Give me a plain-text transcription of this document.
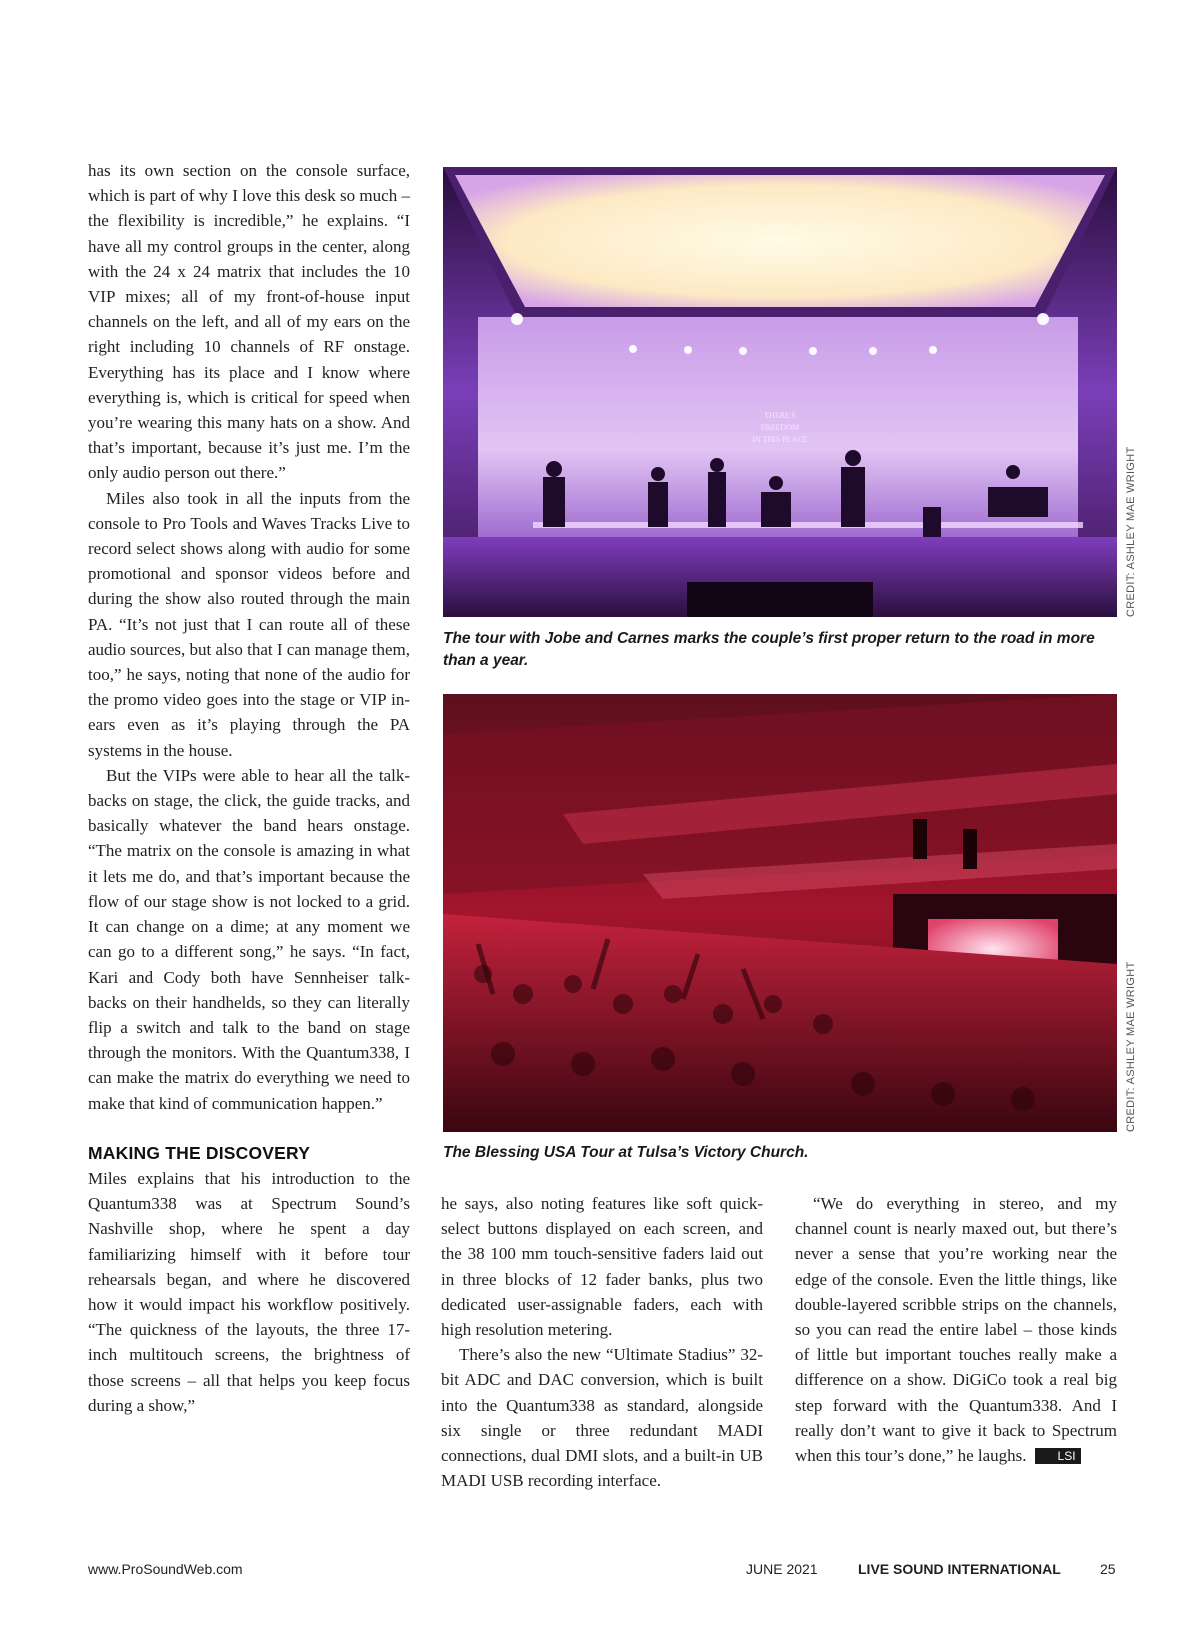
has its own section on the console surface, which is part of why I love this desk so much – the flexibility is incredible,” he explains. “I have all my control groups in the center, along with the 24 x 24 matrix that includes the 10 VIP mixes; all of my front-of-house input channels on the left, and all of my ears on the right including 10 channels of RF onstage. Everything has its place and I know where everything is, which is critical for speed when you’re wearing this many hats on a show. And that’s important, because it’s just me. I’m the only audio person out there.”

Miles also took in all the inputs from the console to Pro Tools and Waves Tracks Live to record select shows along with audio for some promotional and sponsor videos before and during the show also routed through the main PA. “It’s not just that I can route all of these audio sources, but also that I can manage them, too,” he says, noting that none of the audio for the promo video goes into the stage or VIP in-ears even as it’s playing through the PA systems in the house.

But the VIPs were able to hear all the talk-backs on stage, the click, the guide tracks, and basically whatever the band hears onstage. “The matrix on the console is amazing in what it lets me do, and that’s important because the flow of our stage show is not locked to a grid. It can change on a dime; at any moment we can go to a different song,” he says. “In fact, Kari and Cody both have Sennheiser talk-backs on their handhelds, so they can literally flip a switch and talk to the band on stage through the monitors. With the Quantum338, I can make the matrix do everything we need to make that kind of communication happen.”

MAKING THE DISCOVERY

Miles explains that his introduction to the Quantum338 was at Spectrum Sound’s Nashville shop, where he spent a day familiarizing himself with it before tour rehearsals began, and where he discovered how it would impact his workflow positively. “The quickness of the layouts, the three 17-inch multitouch screens, the brightness of those screens – all that helps you keep focus during a show,”

THERE'S
FREEDOM
IN THIS PLACE
CREDIT: ASHLEY MAE WRIGHT
The tour with Jobe and Carnes marks the couple’s first proper return to the road in more than a year.
CREDIT: ASHLEY MAE WRIGHT
The Blessing USA Tour at Tulsa’s Victory Church.

he says, also noting features like soft quick-select buttons displayed on each screen, and the 38 100 mm touch-sensitive faders laid out in three blocks of 12 fader banks, plus two dedicated user-assignable faders, each with high resolution metering.

There’s also the new “Ultimate Stadius” 32-bit ADC and DAC conversion, which is built into the Quantum338 as standard, alongside six single or three redundant MADI connections, dual DMI slots, and a built-in UB MADI USB recording interface.

“We do everything in stereo, and my channel count is nearly maxed out, but there’s never a sense that you’re working near the edge of the console. Even the little things, like double-layered scribble strips on the channels, so you can read the entire label – those kinds of little but important touches really make a difference on a show. DiGiCo took a real big step forward with the Quantum338. And I really don’t want to give it back to Spectrum when this tour’s done,” he laughs.	LSI

www.ProSoundWeb.com	JUNE 2021	LIVE SOUND INTERNATIONAL	25
